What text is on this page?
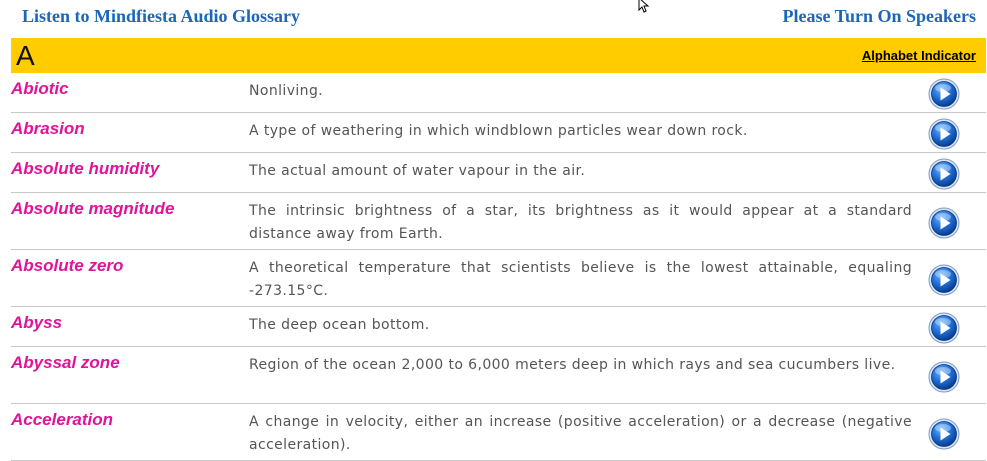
Listen to Mindfiesta Audio Glossary	Please Turn On Speakers
A	Alphabet Indicator
Abiotic	Nonliving.
Abrasion	A type of weathering in which windblown particles wear down rock.
Absolute humidity	The actual amount of water vapour in the air.
Absolute magnitude	The intrinsic brightness of a star, its brightness as it would appear at a standard distance away from Earth.
Absolute zero	A theoretical temperature that scientists believe is the lowest attainable, equaling -273.15°C.
Abyss	The deep ocean bottom.
Abyssal zone	Region of the ocean 2,000 to 6,000 meters deep in which rays and sea cucumbers live.
Acceleration	A change in velocity, either an increase (positive acceleration) or a decrease (negative acceleration).
